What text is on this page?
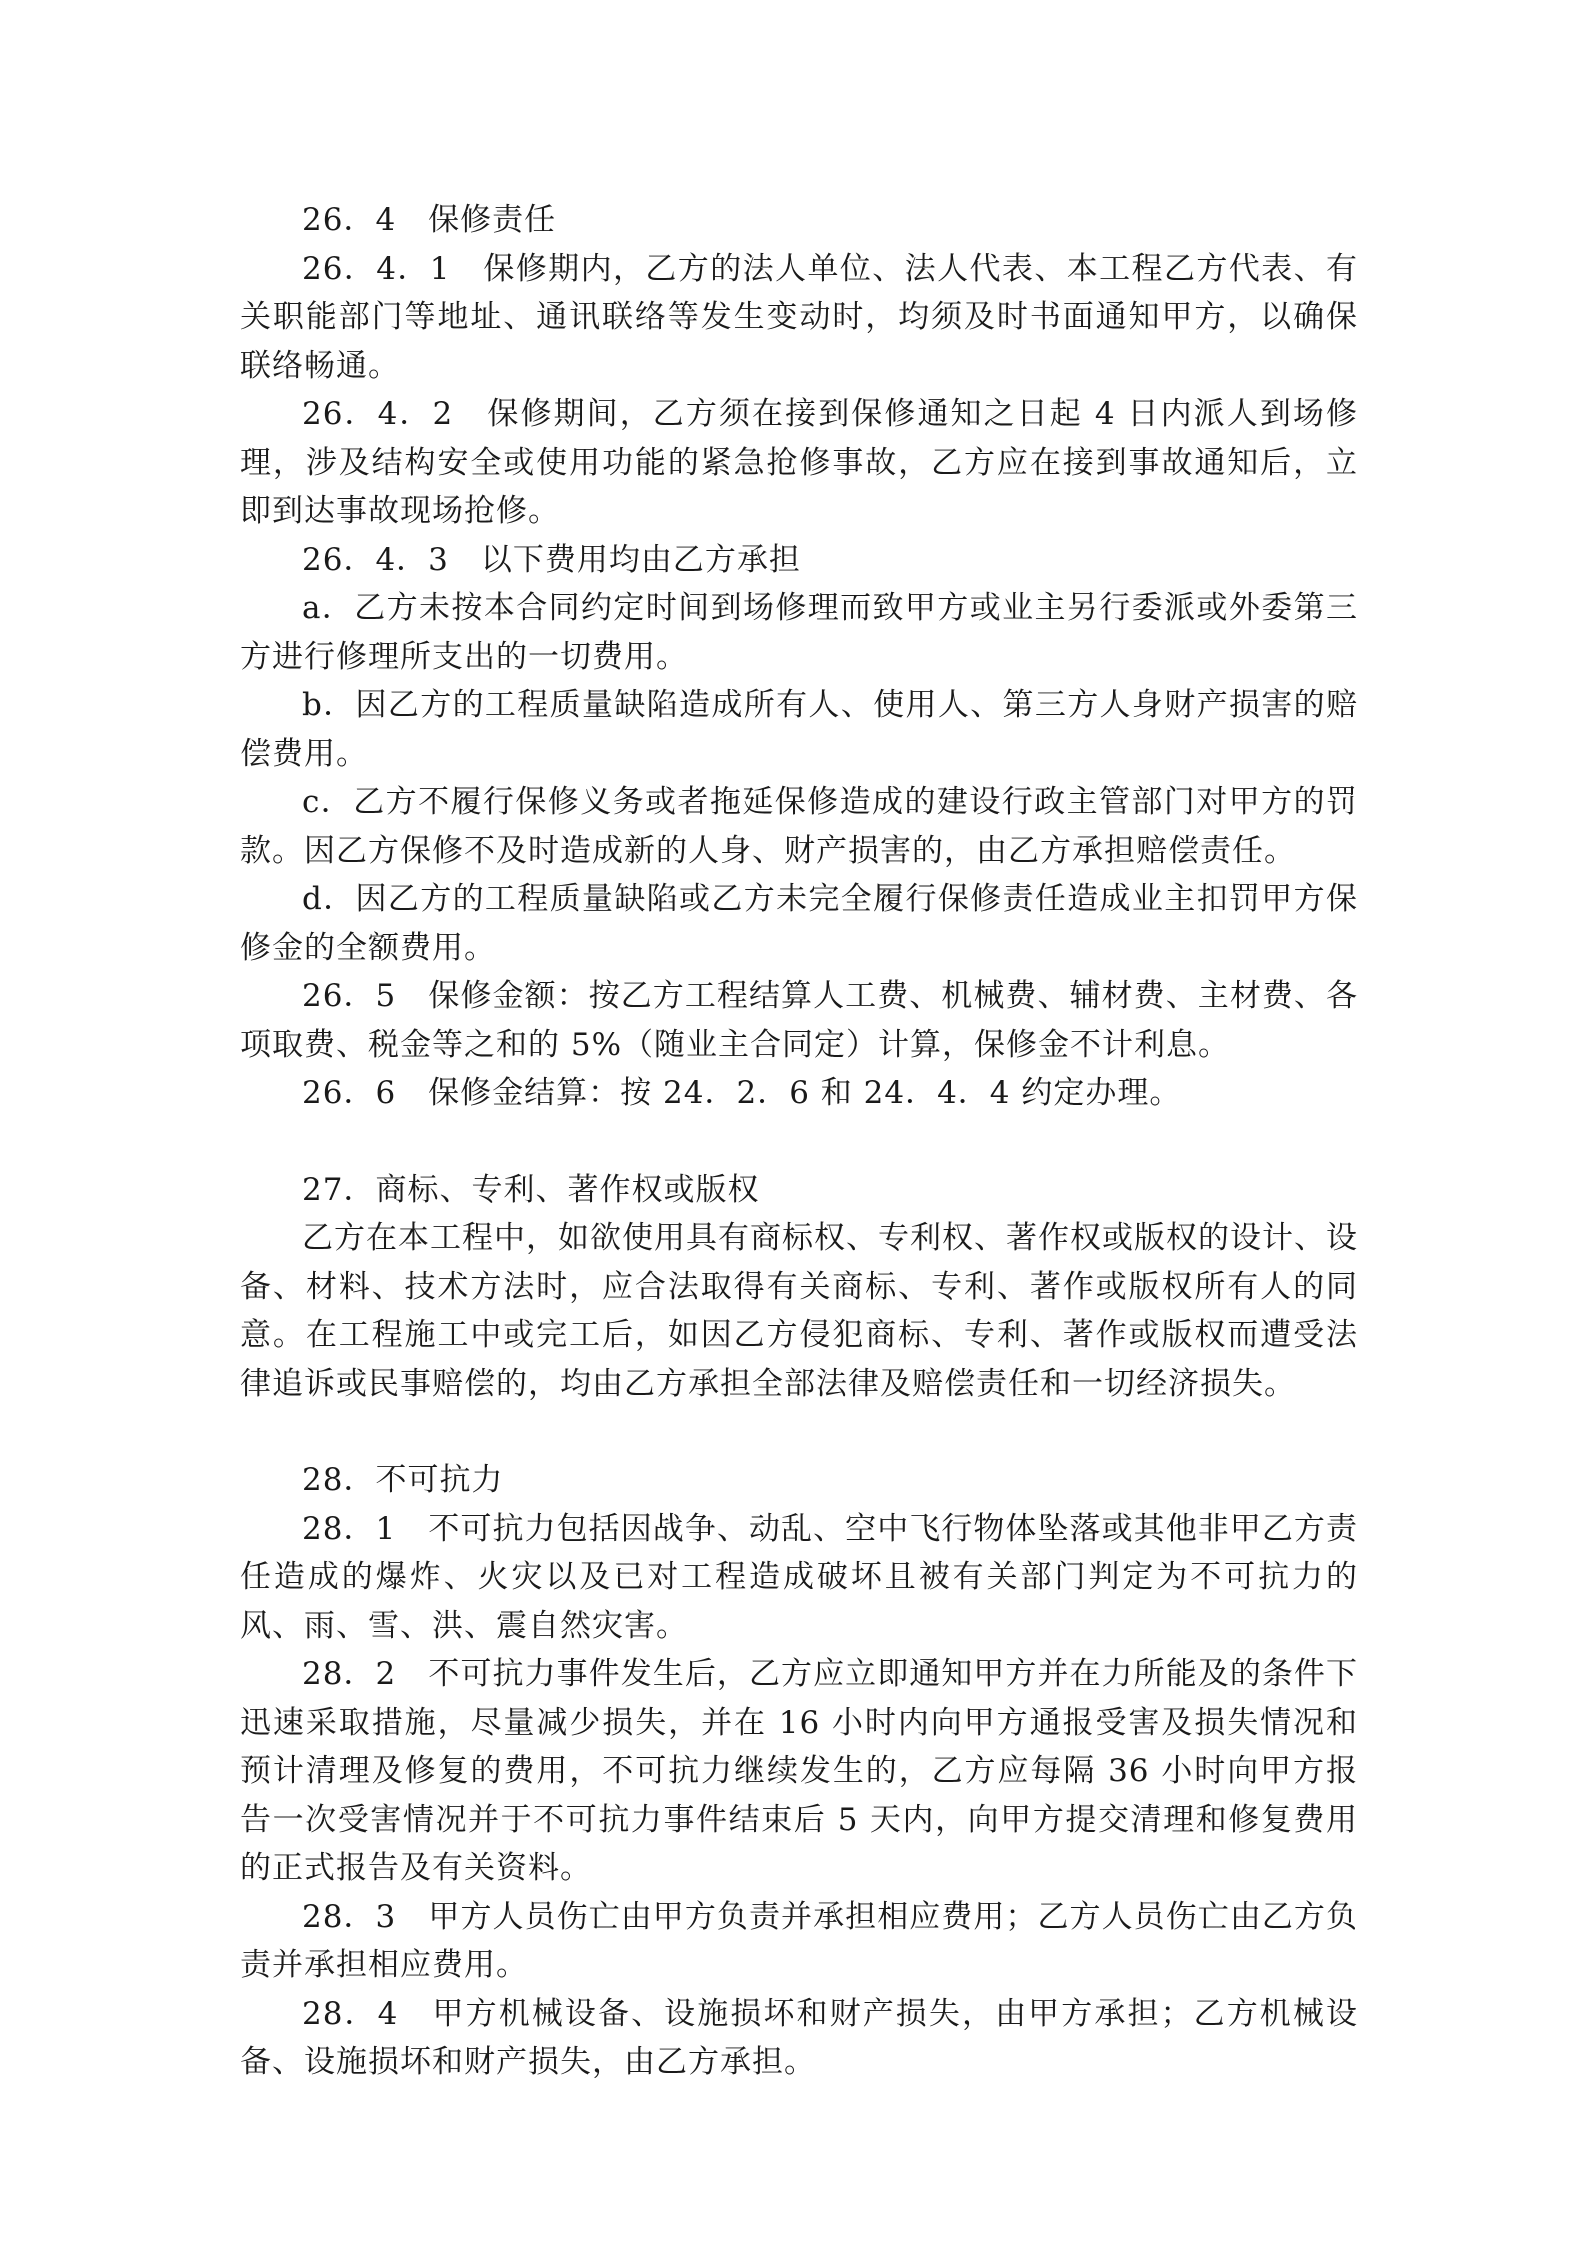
26．4　保修责任

26．4．1　保修期内，乙方的法人单位、法人代表、本工程乙方代表、有关职能部门等地址、通讯联络等发生变动时，均须及时书面通知甲方，以确保联络畅通。

26．4．2　保修期间，乙方须在接到保修通知之日起 4 日内派人到场修理，涉及结构安全或使用功能的紧急抢修事故，乙方应在接到事故通知后，立即到达事故现场抢修。

26．4．3　以下费用均由乙方承担

a．乙方未按本合同约定时间到场修理而致甲方或业主另行委派或外委第三方进行修理所支出的一切费用。

b．因乙方的工程质量缺陷造成所有人、使用人、第三方人身财产损害的赔偿费用。

c．乙方不履行保修义务或者拖延保修造成的建设行政主管部门对甲方的罚款。因乙方保修不及时造成新的人身、财产损害的，由乙方承担赔偿责任。

d．因乙方的工程质量缺陷或乙方未完全履行保修责任造成业主扣罚甲方保修金的全额费用。

26．5　保修金额：按乙方工程结算人工费、机械费、辅材费、主材费、各项取费、税金等之和的 5%（随业主合同定）计算，保修金不计利息。

26．6　保修金结算：按 24．2．6 和 24．4．4 约定办理。

27．商标、专利、著作权或版权

乙方在本工程中，如欲使用具有商标权、专利权、著作权或版权的设计、设备、材料、技术方法时，应合法取得有关商标、专利、著作或版权所有人的同意。在工程施工中或完工后，如因乙方侵犯商标、专利、著作或版权而遭受法律追诉或民事赔偿的，均由乙方承担全部法律及赔偿责任和一切经济损失。

28．不可抗力

28．1　不可抗力包括因战争、动乱、空中飞行物体坠落或其他非甲乙方责任造成的爆炸、火灾以及已对工程造成破坏且被有关部门判定为不可抗力的风、雨、雪、洪、震自然灾害。

28．2　不可抗力事件发生后，乙方应立即通知甲方并在力所能及的条件下迅速采取措施，尽量减少损失，并在 16 小时内向甲方通报受害及损失情况和预计清理及修复的费用，不可抗力继续发生的，乙方应每隔 36 小时向甲方报告一次受害情况并于不可抗力事件结束后 5 天内，向甲方提交清理和修复费用的正式报告及有关资料。

28．3　甲方人员伤亡由甲方负责并承担相应费用；乙方人员伤亡由乙方负责并承担相应费用。

28．4　甲方机械设备、设施损坏和财产损失，由甲方承担；乙方机械设备、设施损坏和财产损失，由乙方承担。
